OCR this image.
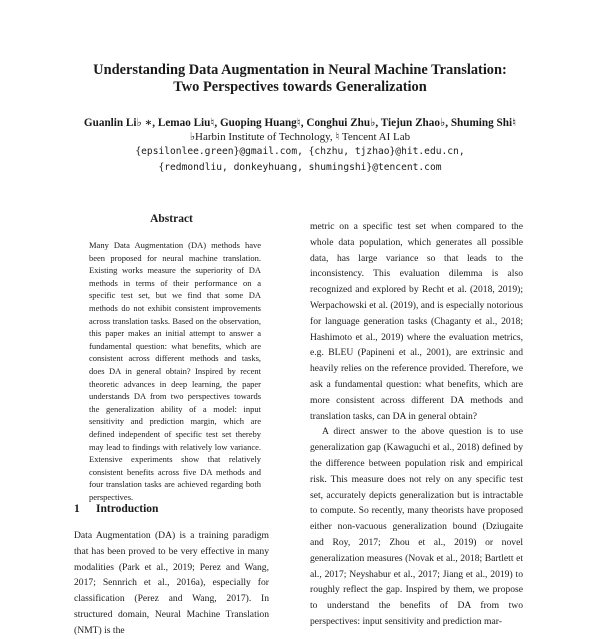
Understanding Data Augmentation in Neural Machine Translation:
Two Perspectives towards Generalization
Guanlin Li♭ ∗, Lemao Liu♮, Guoping Huang♮, Conghui Zhu♭, Tiejun Zhao♭, Shuming Shi♮
♭Harbin Institute of Technology, ♮ Tencent AI Lab
{epsilonlee.green}@gmail.com, {chzhu, tjzhao}@hit.edu.cn,
{redmondliu, donkeyhuang, shumingshi}@tencent.com
Abstract

Many Data Augmentation (DA) methods have been proposed for neural machine translation. Existing works measure the superiority of DA methods in terms of their performance on a specific test set, but we find that some DA methods do not exhibit consistent improvements across translation tasks. Based on the observation, this paper makes an initial attempt to answer a fundamental question: what benefits, which are consistent across different methods and tasks, does DA in general obtain? Inspired by recent theoretic advances in deep learning, the paper understands DA from two perspectives towards the generalization ability of a model: input sensitivity and prediction margin, which are defined independent of specific test set thereby may lead to findings with relatively low variance. Extensive experiments show that relatively consistent benefits across five DA methods and four translation tasks are achieved regarding both perspectives.

1 Introduction

Data Augmentation (DA) is a training paradigm that has been proved to be very effective in many modalities (Park et al., 2019; Perez and Wang, 2017; Sennrich et al., 2016a), especially for classification (Perez and Wang, 2017). In structured domain, Neural Machine Translation (NMT) is the

metric on a specific test set when compared to the whole data population, which generates all possible data, has large variance so that leads to the inconsistency. This evaluation dilemma is also recognized and explored by Recht et al. (2018, 2019); Werpachowski et al. (2019), and is especially notorious for language generation tasks (Chaganty et al., 2018; Hashimoto et al., 2019) where the evaluation metrics, e.g. BLEU (Papineni et al., 2001), are extrinsic and heavily relies on the reference provided. Therefore, we ask a fundamental question: what benefits, which are more consistent across different DA methods and translation tasks, can DA in general obtain?

A direct answer to the above question is to use generalization gap (Kawaguchi et al., 2018) defined by the difference between population risk and empirical risk. This measure does not rely on any specific test set, accurately depicts generalization but is intractable to compute. So recently, many theorists have proposed either non-vacuous generalization bound (Dziugaite and Roy, 2017; Zhou et al., 2019) or novel generalization measures (Novak et al., 2018; Bartlett et al., 2017; Neyshabur et al., 2017; Jiang et al., 2019) to roughly reflect the gap. Inspired by them, we propose to understand the benefits of DA from two perspectives: input sensitivity and prediction mar-
